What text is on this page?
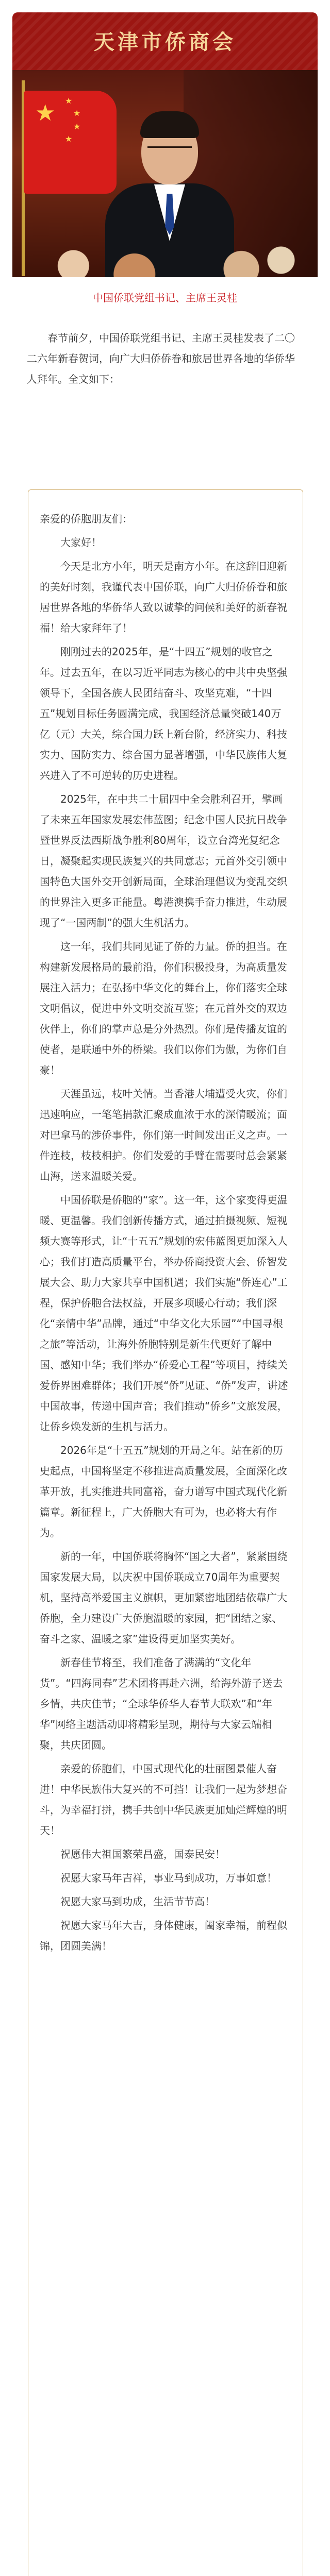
天津市侨商会
★ ★
★
★
★
中国侨联党组书记、主席王灵桂
春节前夕，中国侨联党组书记、主席王灵桂发表了二〇二六年新春贺词，向广大归侨侨眷和旅居世界各地的华侨华人拜年。全文如下：

亲爱的侨胞朋友们：

大家好！

今天是北方小年，明天是南方小年。在这辞旧迎新的美好时刻，我谨代表中国侨联，向广大归侨侨眷和旅居世界各地的华侨华人致以诚挚的问候和美好的新春祝福！给大家拜年了！

刚刚过去的2025年，是“十四五”规划的收官之年。过去五年，在以习近平同志为核心的中共中央坚强领导下，全国各族人民团结奋斗、攻坚克难，“十四五”规划目标任务圆满完成，我国经济总量突破140万亿（元）大关，综合国力跃上新台阶，经济实力、科技实力、国防实力、综合国力显著增强，中华民族伟大复兴进入了不可逆转的历史进程。

2025年，在中共二十届四中全会胜利召开，擘画了未来五年国家发展宏伟蓝图；纪念中国人民抗日战争暨世界反法西斯战争胜利80周年，设立台湾光复纪念日，凝聚起实现民族复兴的共同意志；元首外交引领中国特色大国外交开创新局面，全球治理倡议为变乱交织的世界注入更多正能量。粤港澳携手奋力推进，生动展现了“一国两制”的强大生机活力。

这一年，我们共同见证了侨的力量。侨的担当。在构建新发展格局的最前沿，你们积极投身，为高质量发展注入活力；在弘扬中华文化的舞台上，你们落实全球文明倡议，促进中外文明交流互鉴；在元首外交的双边伙伴上，你们的掌声总是分外热烈。你们是传播友谊的使者，是联通中外的桥梁。我们以你们为傲，为你们自豪！

天涯虽远，枝叶关情。当香港大埔遭受火灾，你们迅速响应，一笔笔捐款汇聚成血浓于水的深情暖流；面对巴拿马的涉侨事件，你们第一时间发出正义之声。一件连枝，枝枝相护。你们发爱的手臂在需要时总会紧紧山海，送来温暖关爱。

中国侨联是侨胞的“家”。这一年，这个家变得更温暖、更温馨。我们创新传播方式，通过拍摄视频、短视频大赛等形式，让“十五五”规划的宏伟蓝图更加深入人心；我们打造高质量平台，举办侨商投资大会、侨智发展大会、助力大家共享中国机遇；我们实施“侨连心”工程，保护侨胞合法权益，开展多项暖心行动；我们深化“亲情中华”品牌，通过“中华文化大乐园”“中国寻根之旅”等活动，让海外侨胞特别是新生代更好了解中国、感知中华；我们举办“侨爱心工程”等项目，持续关爱侨界困难群体；我们开展“侨”见证、“侨”发声，讲述中国故事，传递中国声音；我们推动“侨乡”文旅发展，让侨乡焕发新的生机与活力。

2026年是“十五五”规划的开局之年。站在新的历史起点，中国将坚定不移推进高质量发展，全面深化改革开放，扎实推进共同富裕，奋力谱写中国式现代化新篇章。新征程上，广大侨胞大有可为，也必将大有作为。

新的一年，中国侨联将胸怀“国之大者”，紧紧围绕国家发展大局，以庆祝中国侨联成立70周年为重要契机，坚持高举爱国主义旗帜，更加紧密地团结依靠广大侨胞，全力建设广大侨胞温暖的家园，把“团结之家、奋斗之家、温暖之家”建设得更加坚实美好。

新春佳节将至，我们准备了满满的“文化年货”。“四海同春”艺术团将再赴六洲，给海外游子送去乡情，共庆佳节；“全球华侨华人春节大联欢”和“年华”网络主题活动即将精彩呈现，期待与大家云端相聚，共庆团圆。

亲爱的侨胞们，中国式现代化的壮丽图景催人奋进！中华民族伟大复兴的不可挡！让我们一起为梦想奋斗，为幸福打拼，携手共创中华民族更加灿烂辉煌的明天！

祝愿伟大祖国繁荣昌盛，国泰民安！

祝愿大家马年吉祥，事业马到成功，万事如意！

祝愿大家马到功成，生活节节高！

祝愿大家马年大吉，身体健康，阖家幸福，前程似锦，团圆美满！
